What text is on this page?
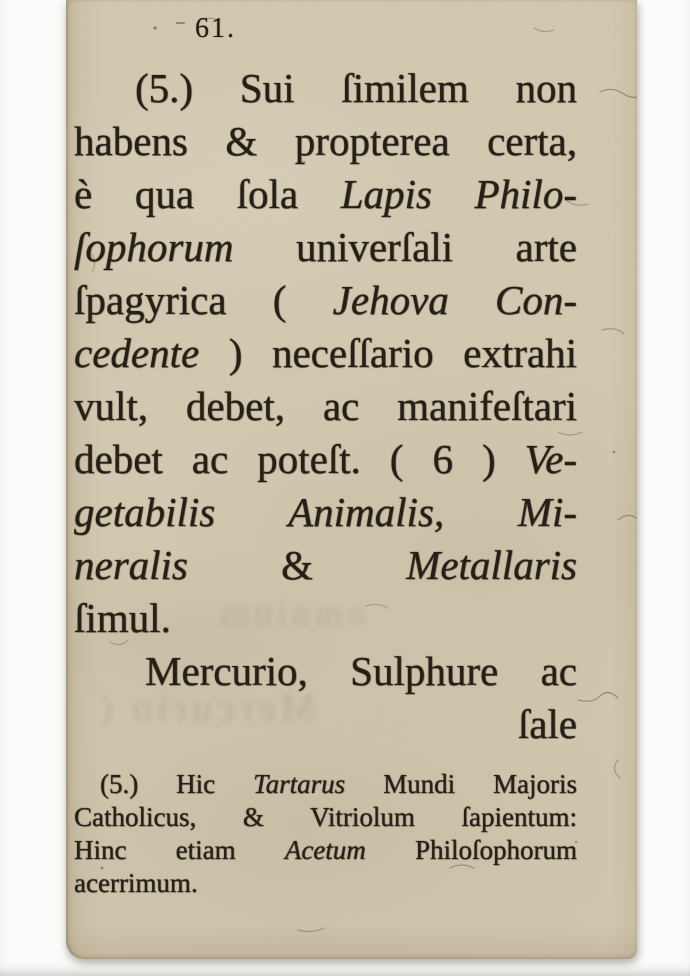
omnium
Mercurio (
61.
(5.) Sui ſimilem non
habens & propterea certa,
è qua ſola Lapis Philo-
ſophorum univerſali arte
ſpagyrica ( Jehova Con-
cedente ) neceſſario extrahi
vult, debet, ac manifeſtari
debet ac poteſt. ( 6 ) Ve-
getabilis Animalis, Mi-
neralis & Metallaris
ſimul.
Mercurio, Sulphure ac
ſale
(5.) Hic Tartarus Mundi Majoris
Catholicus, & Vitriolum ſapientum:
Hinc etiam Acetum Philoſophorum
acerrimum.
